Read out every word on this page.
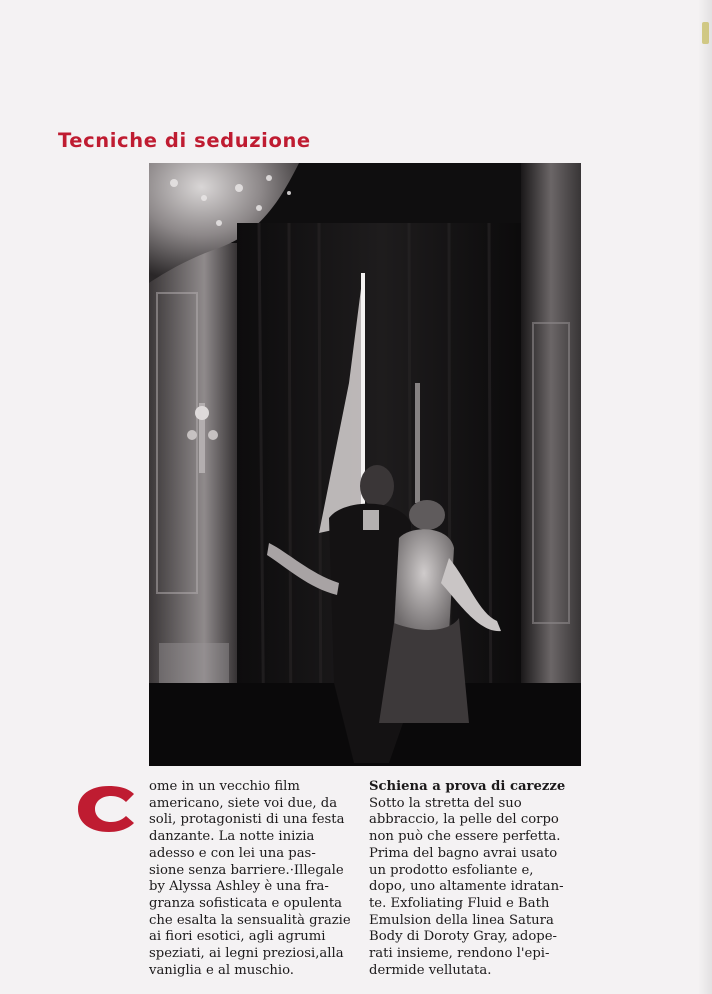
Tecniche di seduzione

ome in un vecchio film
americano, siete voi due, da
soli, protagonisti di una festa
danzante. La notte inizia
adesso e con lei una pas-
sione senza barriere.·Illegale
by Alyssa Ashley è una fra-
granza sofisticata e opulenta
che esalta la sensualità grazie
ai fiori esotici, agli agrumi
speziati, ai legni preziosi,alla
vaniglia e al muschio.

Schiena a prova di carezze

Sotto la stretta del suo
abbraccio, la pelle del corpo
non può che essere perfetta.
Prima del bagno avrai usato
un prodotto esfoliante e,
dopo, uno altamente idratan-
te. Exfoliating Fluid e Bath
Emulsion della linea Satura
Body di Doroty Gray, adope-
rati insieme, rendono l'epi-
dermide vellutata.
